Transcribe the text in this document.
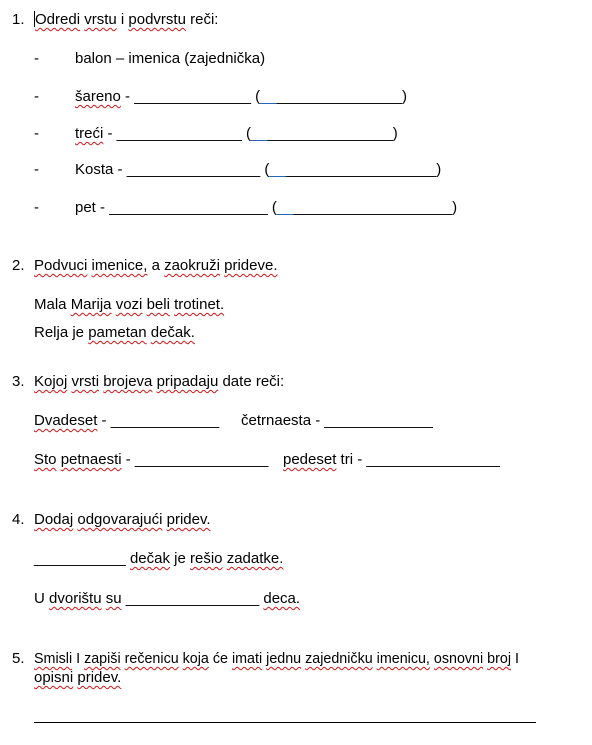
1. Odredi vrstu i podvrstu reči:
- balon – imenica (zajednička)
- šareno - ______________ (_________________)
- treći - _______________ (_________________)
- Kosta - ________________ (____________________)
- pet - ___________________ (_____________________)
2. Podvuci imenice, a zaokruži prideve.
Mala Marija vozi beli trotinet.
Relja je pametan dečak.
3. Kojoj vrsti brojeva pripadaju date reči:
Dvadeset - _____________ četrnaesta - _____________
Sto petnaesti - ________________ pedeset tri - ________________
4. Dodaj odgovarajući pridev.
___________ dečak je rešio zadatke.
U dvorištu su ________________ deca.
5. Smisli I zapiši rečenicu koja će imati jednu zajedničku imenicu, osnovni broj I
opisni pridev.
